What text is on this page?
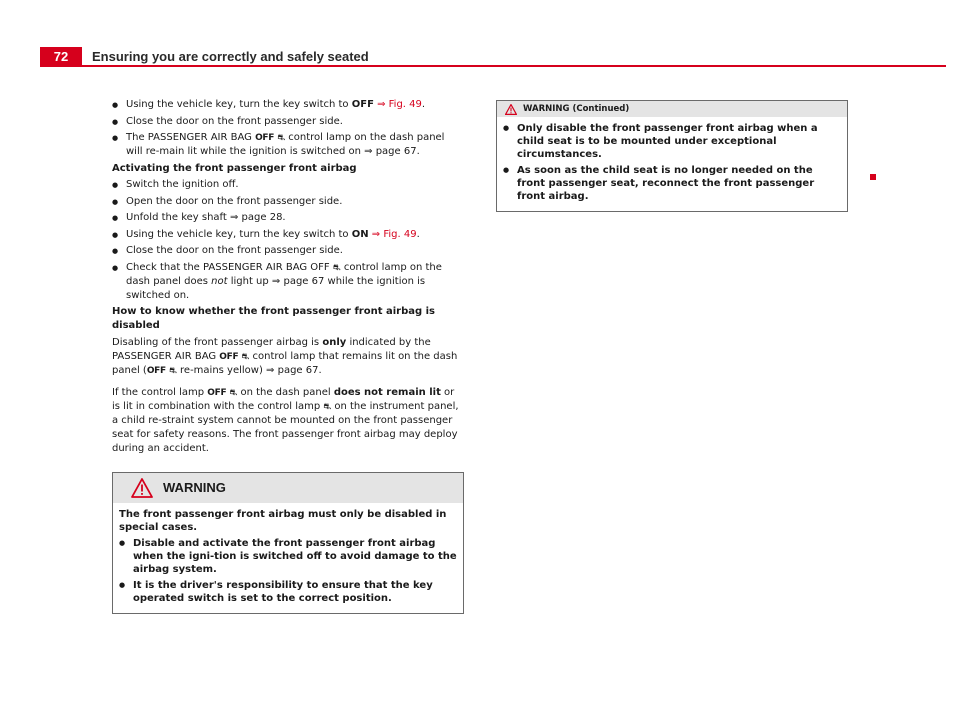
72	Ensuring you are correctly and safely seated
● Using the vehicle key, turn the key switch to OFF ⇒ Fig. 49.
● Close the door on the front passenger side.
● The PASSENGER AIR BAG OFF ⛐ control lamp on the dash panel will re-main lit while the ignition is switched on ⇒ page 67.
Activating the front passenger front airbag
● Switch the ignition off.
● Open the door on the front passenger side.
● Unfold the key shaft ⇒ page 28.
● Using the vehicle key, turn the key switch to ON ⇒ Fig. 49.
● Close the door on the front passenger side.
● Check that the PASSENGER AIR BAG OFF ⛐ control lamp on the dash panel does not light up ⇒ page 67 while the ignition is switched on.
How to know whether the front passenger front airbag is disabled
Disabling of the front passenger airbag is only indicated by the PASSENGER AIR BAG OFF ⛐ control lamp that remains lit on the dash panel (OFF ⛐ re-mains yellow) ⇒ page 67.
If the control lamp OFF ⛐ on the dash panel does not remain lit or is lit in combination with the control lamp ⛐ on the instrument panel, a child re-straint system cannot be mounted on the front passenger seat for safety reasons. The front passenger front airbag may deploy during an accident.
WARNING
The front passenger front airbag must only be disabled in special cases.
● Disable and activate the front passenger front airbag when the igni-tion is switched off to avoid damage to the airbag system.
● It is the driver's responsibility to ensure that the key operated switch is set to the correct position.
WARNING (Continued)
● Only disable the front passenger front airbag when a child seat is to be mounted under exceptional circumstances.
● As soon as the child seat is no longer needed on the front passenger seat, reconnect the front passenger front airbag.
